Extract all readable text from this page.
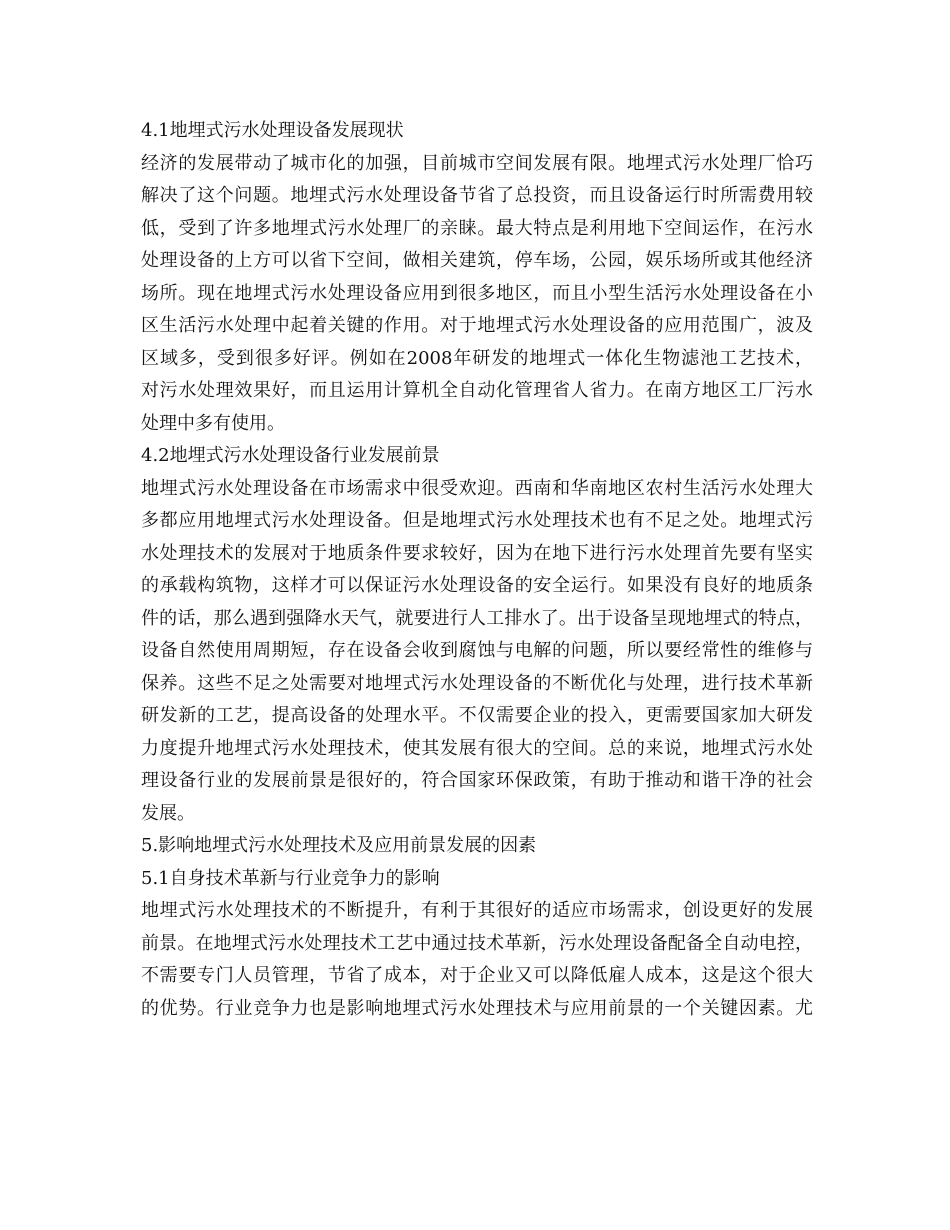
4.1地埋式污水处理设备发展现状
经济的发展带动了城市化的加强，目前城市空间发展有限。地埋式污水处理厂恰巧
解决了这个问题。地埋式污水处理设备节省了总投资，而且设备运行时所需费用较
低，受到了许多地埋式污水处理厂的亲睐。最大特点是利用地下空间运作，在污水
处理设备的上方可以省下空间，做相关建筑，停车场，公园，娱乐场所或其他经济
场所。现在地埋式污水处理设备应用到很多地区，而且小型生活污水处理设备在小
区生活污水处理中起着关键的作用。对于地埋式污水处理设备的应用范围广，波及
区域多，受到很多好评。例如在2008年研发的地埋式一体化生物滤池工艺技术，
对污水处理效果好，而且运用计算机全自动化管理省人省力。在南方地区工厂污水
处理中多有使用。
4.2地埋式污水处理设备行业发展前景
地埋式污水处理设备在市场需求中很受欢迎。西南和华南地区农村生活污水处理大
多都应用地埋式污水处理设备。但是地埋式污水处理技术也有不足之处。地埋式污
水处理技术的发展对于地质条件要求较好，因为在地下进行污水处理首先要有坚实
的承载构筑物，这样才可以保证污水处理设备的安全运行。如果没有良好的地质条
件的话，那么遇到强降水天气，就要进行人工排水了。出于设备呈现地埋式的特点，
设备自然使用周期短，存在设备会收到腐蚀与电解的问题，所以要经常性的维修与
保养。这些不足之处需要对地埋式污水处理设备的不断优化与处理，进行技术革新
研发新的工艺，提高设备的处理水平。不仅需要企业的投入，更需要国家加大研发
力度提升地埋式污水处理技术，使其发展有很大的空间。总的来说，地埋式污水处
理设备行业的发展前景是很好的，符合国家环保政策，有助于推动和谐干净的社会
发展。
5.影响地埋式污水处理技术及应用前景发展的因素
5.1自身技术革新与行业竞争力的影响
地埋式污水处理技术的不断提升，有利于其很好的适应市场需求，创设更好的发展
前景。在地埋式污水处理技术工艺中通过技术革新，污水处理设备配备全自动电控，
不需要专门人员管理，节省了成本，对于企业又可以降低雇人成本，这是这个很大
的优势。行业竞争力也是影响地埋式污水处理技术与应用前景的一个关键因素。尤
